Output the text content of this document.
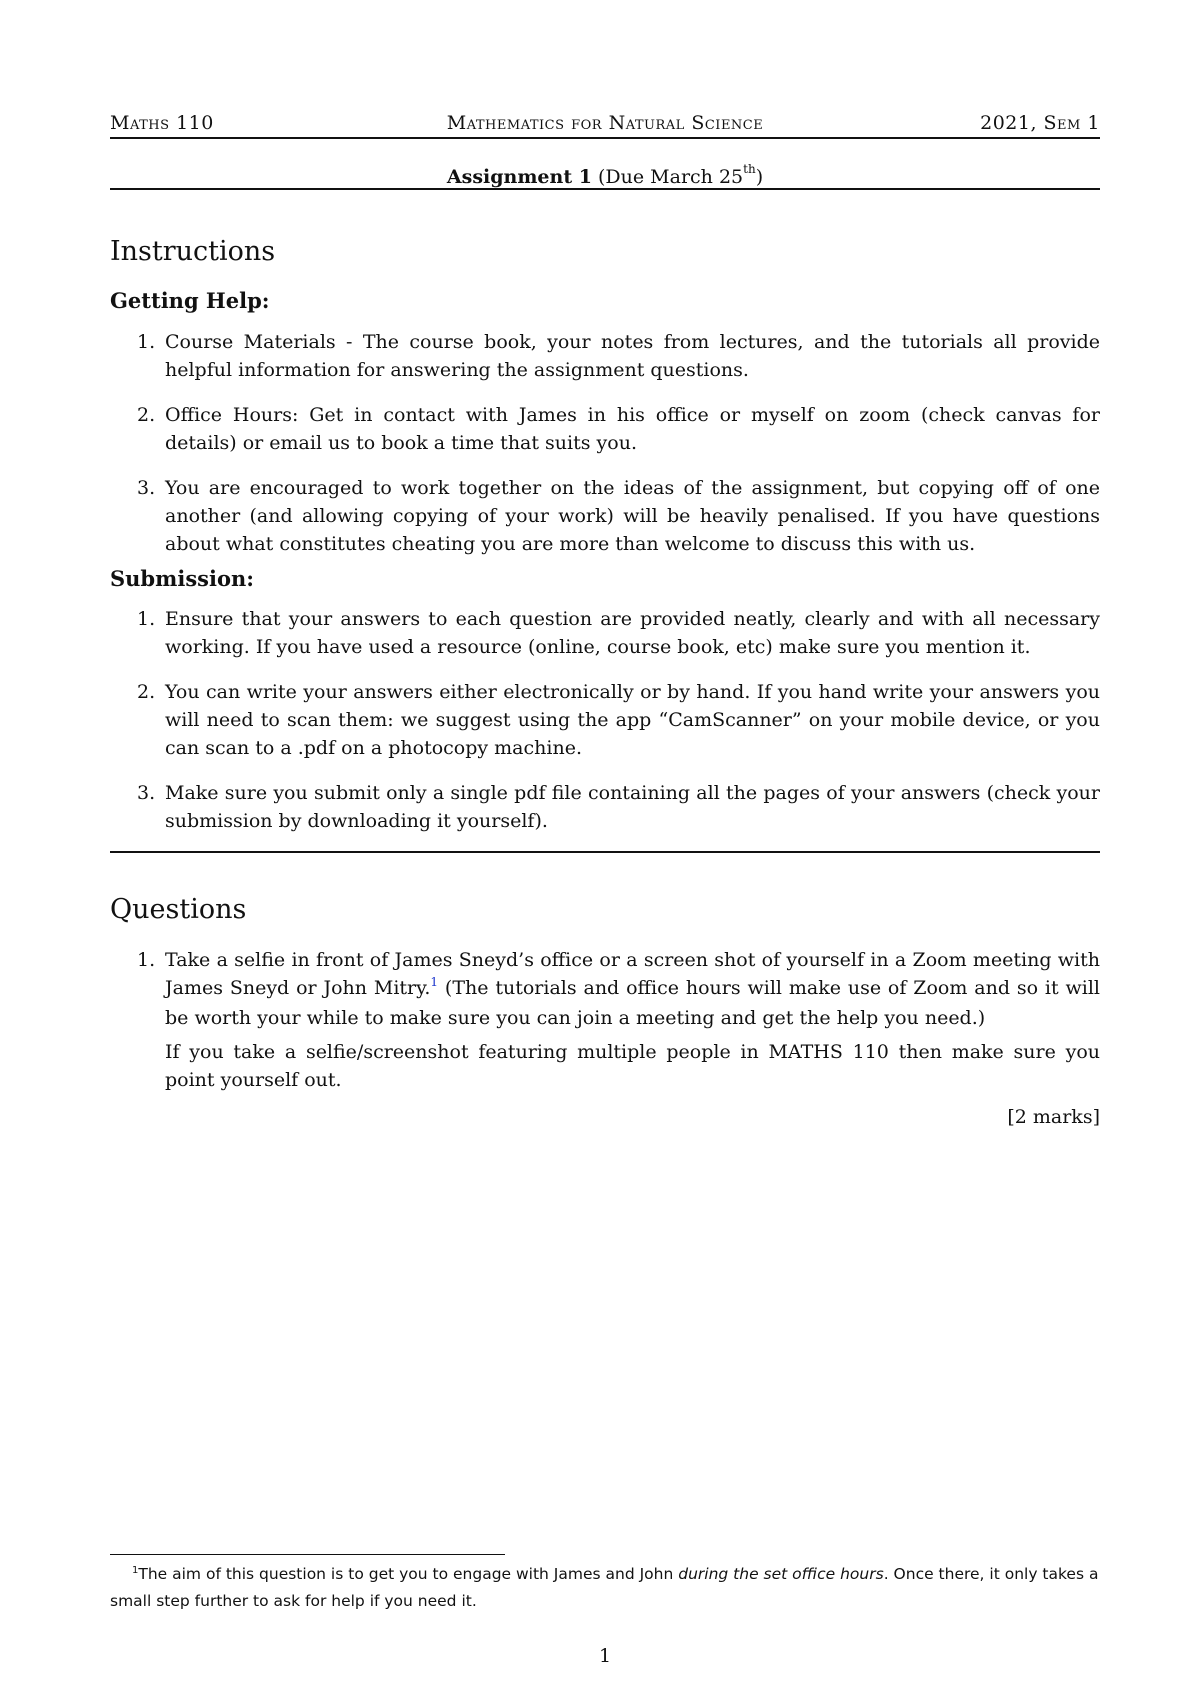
Maths 110	Mathematics for Natural Science	2021, Sem 1
Assignment 1 (Due March 25th)
Instructions
Getting Help:
1. Course Materials - The course book, your notes from lectures, and the tutorials all provide helpful information for answering the assignment questions.
2. Office Hours: Get in contact with James in his office or myself on zoom (check canvas for details) or email us to book a time that suits you.
3. You are encouraged to work together on the ideas of the assignment, but copying off of one another (and allowing copying of your work) will be heavily penalised. If you have questions about what constitutes cheating you are more than welcome to discuss this with us.
Submission:
1. Ensure that your answers to each question are provided neatly, clearly and with all necessary working. If you have used a resource (online, course book, etc) make sure you mention it.
2. You can write your answers either electronically or by hand. If you hand write your answers you will need to scan them: we suggest using the app “CamScanner” on your mobile device, or you can scan to a .pdf on a photocopy machine.
3. Make sure you submit only a single pdf file containing all the pages of your answers (check your submission by downloading it yourself).
Questions
1. Take a selfie in front of James Sneyd’s office or a screen shot of yourself in a Zoom meeting with James Sneyd or John Mitry.$^1$ (The tutorials and office hours will make use of Zoom and so it will be worth your while to make sure you can join a meeting and get the help you need.)
If you take a selfie/screenshot featuring multiple people in MATHS 110 then make sure you point yourself out.
[2 marks]
$^1$The aim of this question is to get you to engage with James and John during the set office hours. Once there, it only takes a small step further to ask for help if you need it.
1
